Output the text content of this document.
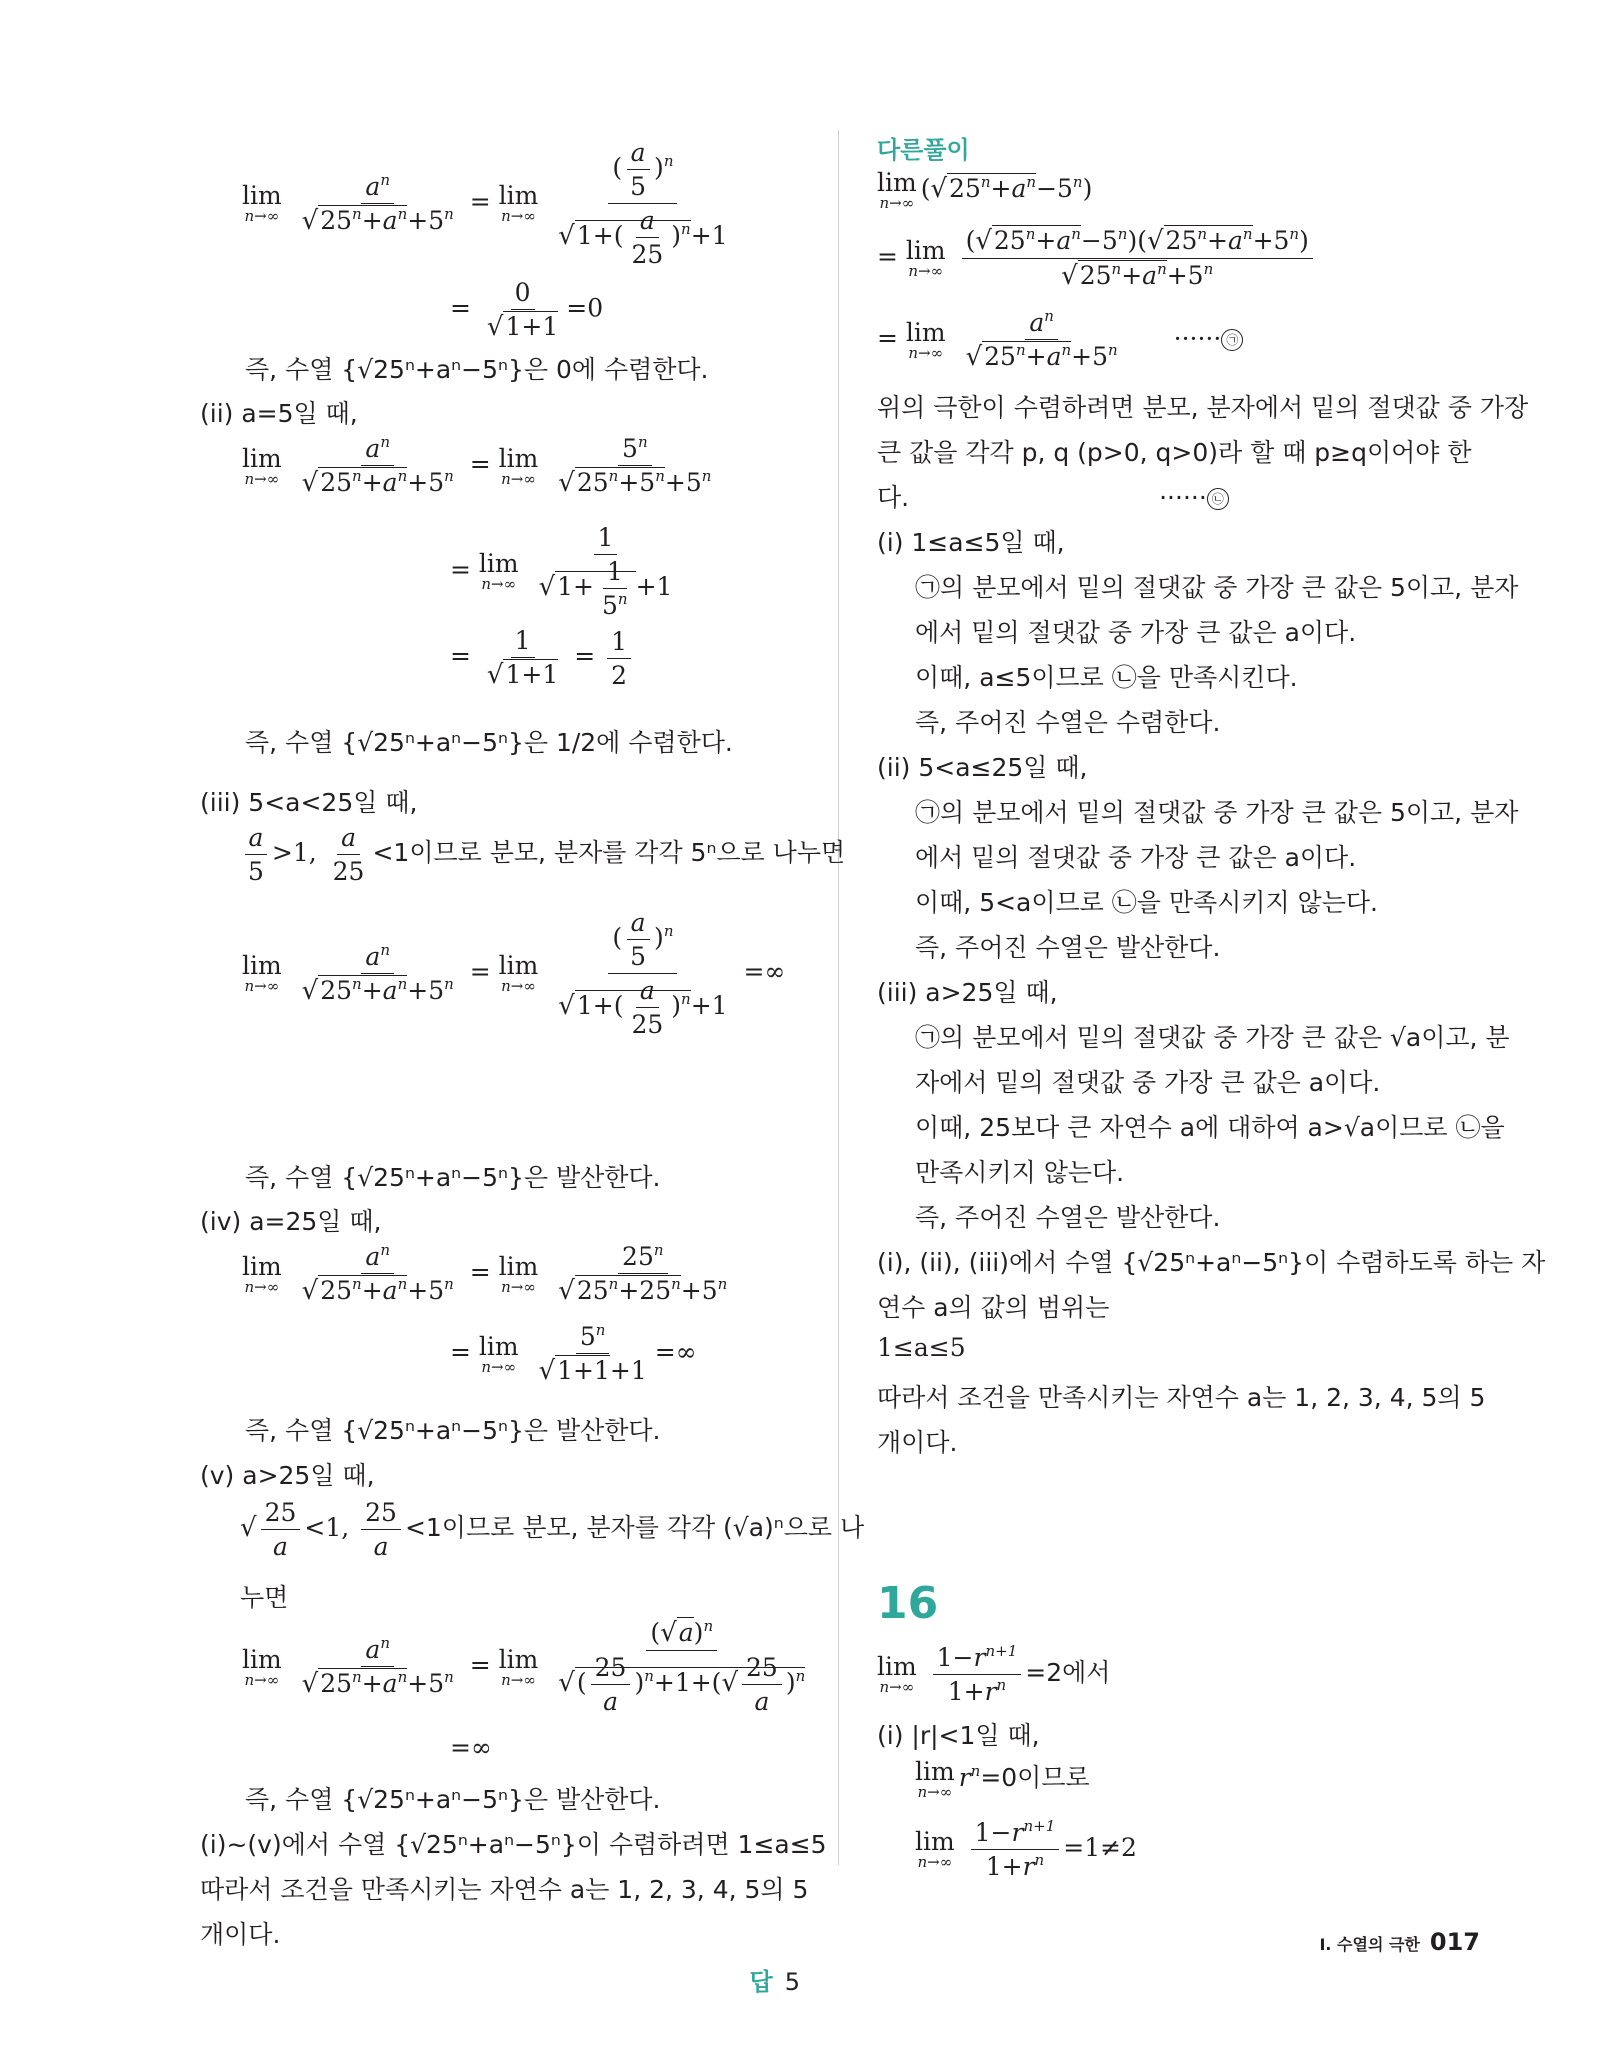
lim
n→∞
$\frac{a^n}{√25^n+a^n+5^n} = \lim$
n→∞
$\frac{( \frac{a}{5} )^n}{√1+( \frac{a}{25} )^n+1}$
= $\frac{0}{√1+1} =0$
즉, 수열 {√25ⁿ+aⁿ−5ⁿ}은 0에 수렴한다.
(ii) a=5일 때,
lim
n→∞
$\frac{a^n}{√25^n+a^n+5^n} = \lim$
n→∞
$\frac{5^n}{√25^n+5^n+5^n}$
= lim
n→∞
$\frac{1}{√1+ \frac{1}{5^n} +1}$
= $\frac{1}{√1+1} = \frac{1}{2}$
즉, 수열 {√25ⁿ+aⁿ−5ⁿ}은 1/2에 수렴한다.
(iii) 5<a<25일 때,
$\frac{a}{5} >1$, $\frac{a}{25} <1$이므로 분모, 분자를 각각 5ⁿ으로 나누면
lim
n→∞
$\frac{a^n}{√25^n+a^n+5^n} = \lim$
n→∞
$\frac{( \frac{a}{5} )^n}{√1+( \frac{a}{25} )^n+1}$ =∞
즉, 수열 {√25ⁿ+aⁿ−5ⁿ}은 발산한다.
(iv) a=25일 때,
lim
n→∞
$\frac{a^n}{√25^n+a^n+5^n} = \lim$
n→∞
$\frac{25^n}{√25^n+25^n+5^n}$
= lim
n→∞
$\frac{5^n}{√1+1+1}$ =∞
즉, 수열 {√25ⁿ+aⁿ−5ⁿ}은 발산한다.
(v) a>25일 때,
√ $\frac{25}{a} <1$, $\frac{25}{a} <1$이므로 분모, 분자를 각각 (√a)ⁿ으로 나
누면
lim
n→∞
$\frac{a^n}{√25^n+a^n+5^n} = \lim$
n→∞
$\frac{(√a)^n}{√( \frac{25}{a} )^n+1+(√ \frac{25}{a} )^n}$
=∞
즉, 수열 {√25ⁿ+aⁿ−5ⁿ}은 발산한다.
(i)~(v)에서 수열 {√25ⁿ+aⁿ−5ⁿ}이 수렴하려면 1≤a≤5
따라서 조건을 만족시키는 자연수 a는 1, 2, 3, 4, 5의 5
개이다.
답 5
다른풀이
lim
n→∞ $(√25^n+a^n-5^n)$
= lim
n→∞
$\frac{(√25^n+a^n-5^n)(√25^n+a^n+5^n)}{√25^n+a^n+5^n}$
= lim
n→∞
$\frac{a^n}{√25^n+a^n+5^n}$ ······ ㉠
위의 극한이 수렴하려면 분모, 분자에서 밑의 절댓값 중 가장
큰 값을 각각 p, q (p>0, q>0)라 할 때 p≥q이어야 한
다.	······ ㉡
(i) 1≤a≤5일 때,
㉠의 분모에서 밑의 절댓값 중 가장 큰 값은 5이고, 분자
에서 밑의 절댓값 중 가장 큰 값은 a이다.
이때, a≤5이므로 ㉡을 만족시킨다.
즉, 주어진 수열은 수렴한다.
(ii) 5<a≤25일 때,
㉠의 분모에서 밑의 절댓값 중 가장 큰 값은 5이고, 분자
에서 밑의 절댓값 중 가장 큰 값은 a이다.
이때, 5<a이므로 ㉡을 만족시키지 않는다.
즉, 주어진 수열은 발산한다.
(iii) a>25일 때,
㉠의 분모에서 밑의 절댓값 중 가장 큰 값은 √a이고, 분
자에서 밑의 절댓값 중 가장 큰 값은 a이다.
이때, 25보다 큰 자연수 a에 대하여 a>√a이므로 ㉡을
만족시키지 않는다.
즉, 주어진 수열은 발산한다.
(i), (ii), (iii)에서 수열 {√25ⁿ+aⁿ−5ⁿ}이 수렴하도록 하는 자
연수 a의 값의 범위는
1≤a≤5
따라서 조건을 만족시키는 자연수 a는 1, 2, 3, 4, 5의 5
개이다.
16
lim
n→∞
$\frac{1-r^{n+1}}{1+r^n} =2$에서
(i) |r|<1일 때,
lim
n→∞ $r^n=0$이므로
lim
n→∞
$\frac{1-r^{n+1}}{1+r^n} =1\ne 2$
I. 수열의 극한 017
